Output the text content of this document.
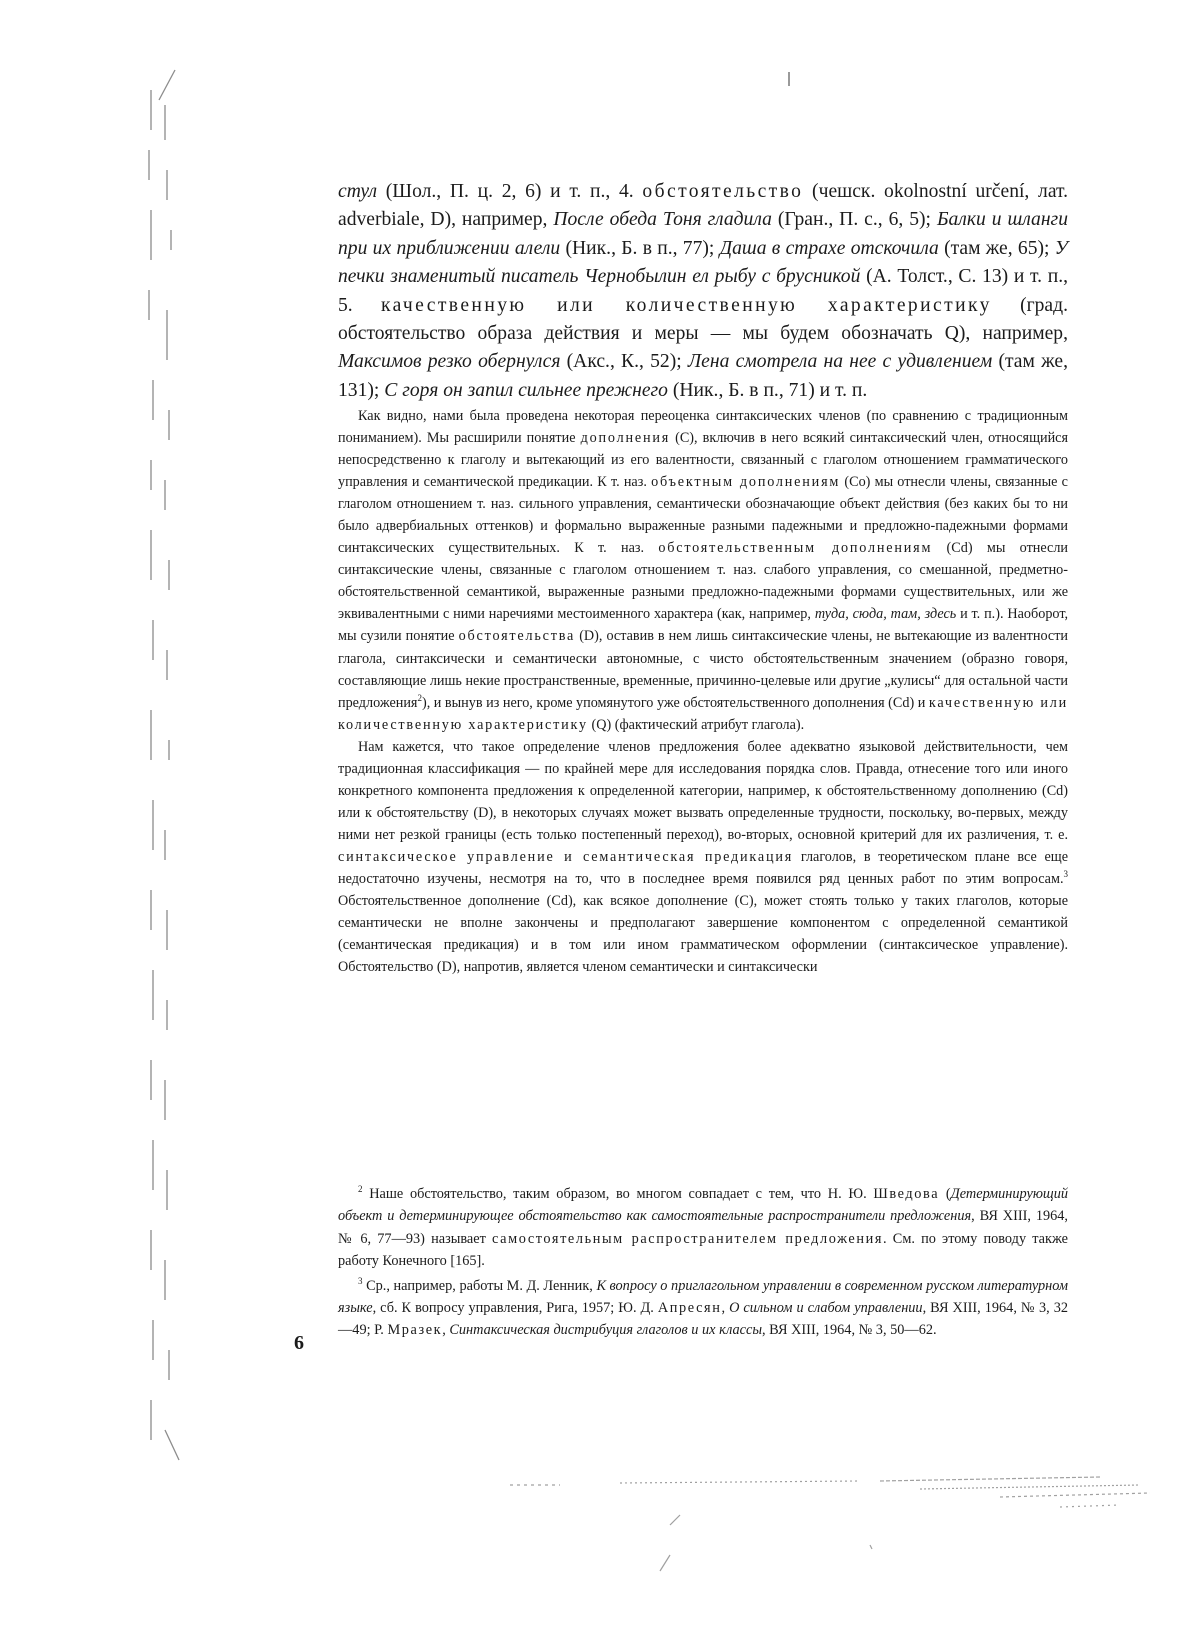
стул (Шол., П. ц. 2, 6) и т. п., 4. обстоятельство (чешск. okolnostní určení, лат. adverbiale, D), например, После обеда Тоня гладила (Гран., П. с., 6, 5); Балки и шланги при их приближении алели (Ник., Б. в п., 77); Даша в страхе отскочила (там же, 65); У печки знаменитый писатель Чернобылин ел рыбу с брусникой (А. Толст., С. 13) и т. п., 5. качественную или количественную характеристику (град. обстоятельство образа действия и меры — мы будем обозначать Q), например, Максимов резко обернулся (Акс., К., 52); Лена смотрела на нее с удивлением (там же, 131); С горя он запил сильнее прежнего (Ник., Б. в п., 71) и т. п.

Как видно, нами была проведена некоторая переоценка синтаксических членов (по сравнению с традиционным пониманием). Мы расширили понятие дополнения (С), включив в него всякий синтаксический член, относящийся непосредственно к глаголу и вытекающий из его валентности, связанный с глаголом отношением грамматического управления и семантической предикации. К т. наз. объектным дополнениям (Со) мы отнесли члены, связанные с глаголом отношением т. наз. сильного управления, семантически обозначающие объект действия (без каких бы то ни было адвербиальных оттенков) и формально выраженные разными падежными и предложно-падежными формами синтаксических существительных. К т. наз. обстоятельственным дополнениям (Cd) мы отнесли синтаксические члены, связанные с глаголом отношением т. наз. слабого управления, со смешанной, предметно-обстоятельственной семантикой, выраженные разными предложно-падежными формами существительных, или же эквивалентными с ними наречиями местоименного характера (как, например, туда, сюда, там, здесь и т. п.). Наоборот, мы сузили понятие обстоятельства (D), оставив в нем лишь синтаксические члены, не вытекающие из валентности глагола, синтаксически и семантически автономные, с чисто обстоятельственным значением (образно говоря, составляющие лишь некие пространственные, временные, причинно-целевые или другие „кулисы“ для остальной части предложения$^2$), и вынув из него, кроме упомянутого уже обстоятельственного дополнения (Cd) и качественную или количественную характеристику (Q) (фактический атрибут глагола).

Нам кажется, что такое определение членов предложения более адекватно языковой действительности, чем традиционная классификация — по крайней мере для исследования порядка слов. Правда, отнесение того или иного конкретного компонента предложения к определенной категории, например, к обстоятельственному дополнению (Cd) или к обстоятельству (D), в некоторых случаях может вызвать определенные трудности, поскольку, во-первых, между ними нет резкой границы (есть только постепенный переход), во-вторых, основной критерий для их различения, т. е. синтаксическое управление и семантическая предикация глаголов, в теоретическом плане все еще недостаточно изучены, несмотря на то, что в последнее время появился ряд ценных работ по этим вопросам.$^3$ Обстоятельственное дополнение (Cd), как всякое дополнение (С), может стоять только у таких глаголов, которые семантически не вполне закончены и предполагают завершение компонентом с определенной семантикой (семантическая предикация) и в том или ином грамматическом оформлении (синтаксическое управление). Обстоятельство (D), напротив, является членом семантически и синтаксически

$^2$ Наше обстоятельство, таким образом, во многом совпадает с тем, что Н. Ю. Шведова (Детерминирующий объект и детерминирующее обстоятельство как самостоятельные распространители предложения, ВЯ XIII, 1964, № 6, 77—93) называет самостоятельным распространителем предложения. См. по этому поводу также работу Конечного [165].

$^3$ Ср., например, работы М. Д. Ленник, К вопросу о приглагольном управлении в современном русском литературном языке, сб. К вопросу управления, Рига, 1957; Ю. Д. Апресян, О сильном и слабом управлении, ВЯ XIII, 1964, № 3, 32—49; Р. Мразек, Синтаксическая дистрибуция глаголов и их классы, ВЯ XIII, 1964, № 3, 50—62.

6
